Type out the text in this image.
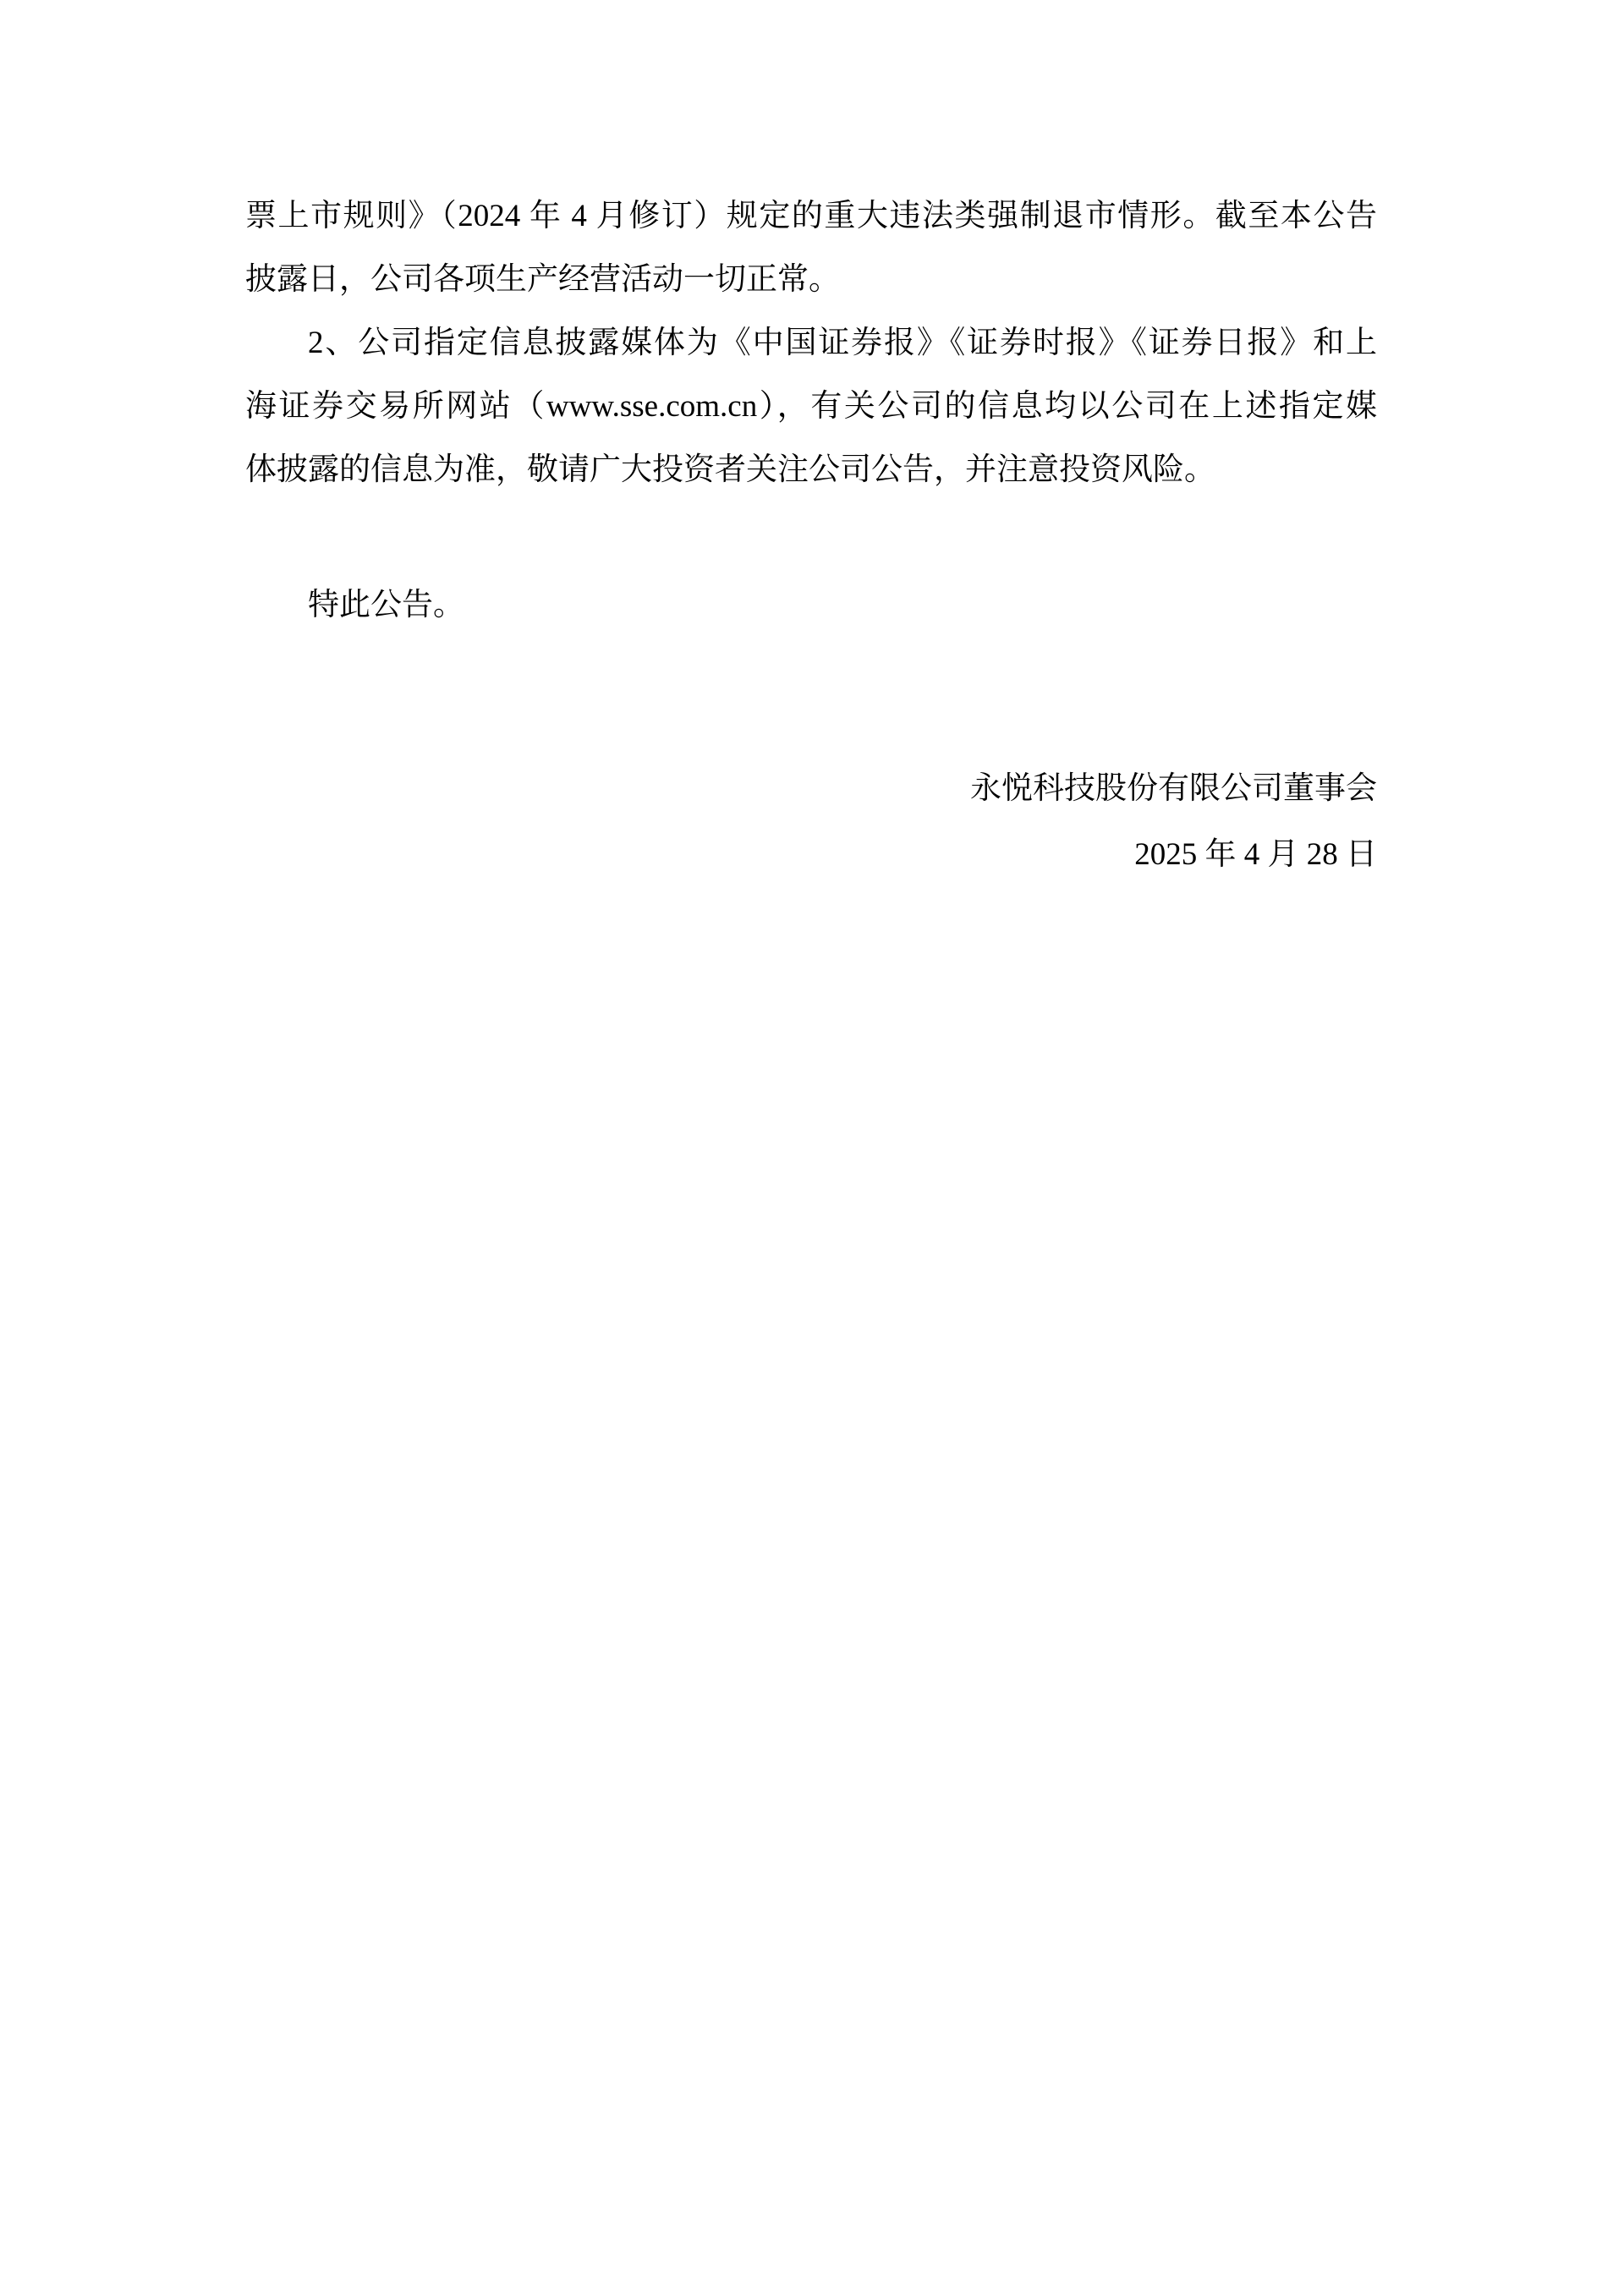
票上市规则》（2024 年 4 月修订）规定的重大违法类强制退市情形。截至本公告

披露日，公司各项生产经营活动一切正常。

2、公司指定信息披露媒体为《中国证券报》《证券时报》《证券日报》和上

海证券交易所网站（www.sse.com.cn），有关公司的信息均以公司在上述指定媒

体披露的信息为准，敬请广大投资者关注公司公告，并注意投资风险。

特此公告。

永悦科技股份有限公司董事会

2025 年 4 月 28 日
